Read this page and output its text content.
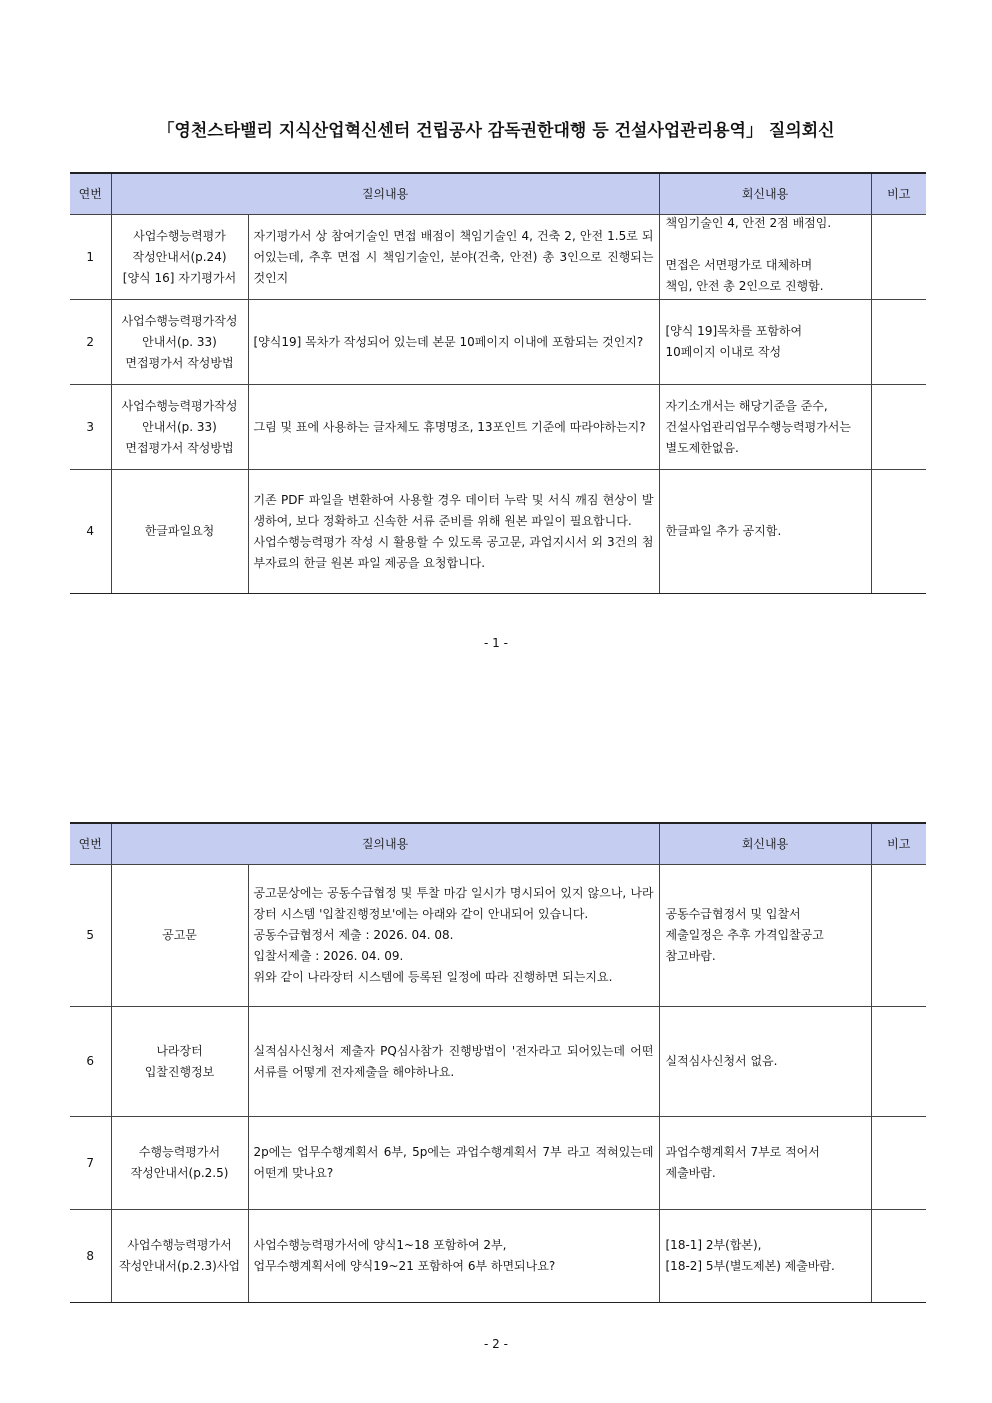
「영천스타밸리 지식산업혁신센터 건립공사 감독권한대행 등 건설사업관리용역」 질의회신
연번	질의내용		회신내용	비고
1	사업수행능력평가
작성안내서(p.24)
[양식 16] 자기평가서	자기평가서 상 참여기술인 면접 배점이 책임기술인 4, 건축 2, 안전 1.5로 되어있는데, 추후 면접 시 책임기술인, 분야(건축, 안전) 총 3인으로 진행되는 것인지	책임기술인 4, 안전 2점 배점임.

면접은 서면평가로 대체하며
책임, 안전 총 2인으로 진행함.	

2	사업수행능력평가작성
안내서(p. 33)
면접평가서 작성방법	[양식19] 목차가 작성되어 있는데 본문 10페이지 이내에 포함되는 것인지?	[양식 19]목차를 포함하여
10페이지 이내로 작성	
3	사업수행능력평가작성
안내서(p. 33)
면접평가서 작성방법	그림 및 표에 사용하는 글자체도 휴명명조, 13포인트 기준에 따라야하는지?	자기소개서는 해당기준을 준수,
건설사업관리업무수행능력평가서는
별도제한없음.	
4	한글파일요청	기존 PDF 파일을 변환하여 사용할 경우 데이터 누락 및 서식 깨짐 현상이 발생하여, 보다 정확하고 신속한 서류 준비를 위해 원본 파일이 필요합니다.
사업수행능력평가 작성 시 활용할 수 있도록 공고문, 과업지시서 외 3건의 첨부자료의 한글 원본 파일 제공을 요청합니다.	한글파일 추가 공지함.	
- 1 -
연번	질의내용		회신내용	비고
5	공고문	공고문상에는 공동수급협정 및 투찰 마감 일시가 명시되어 있지 않으나, 나라장터 시스템 '입찰진행정보'에는 아래와 같이 안내되어 있습니다.
공동수급협정서 제출 : 2026. 04. 08.
입찰서제출 : 2026. 04. 09.
위와 같이 나라장터 시스템에 등록된 일정에 따라 진행하면 되는지요.	공동수급협정서 및 입찰서
제출일정은 추후 가격입찰공고
참고바람.	
6	나라장터
입찰진행정보	실적심사신청서 제출자 PQ심사참가 진행방법이 '전자라고 되어있는데 어떤 서류를 어떻게 전자제출을 해야하나요.	실적심사신청서 없음.	
7	수행능력평가서
작성안내서(p.2.5)	2p에는 업무수행계획서 6부, 5p에는 과업수행계획서 7부 라고 적혀있는데 어떤게 맞나요?	과업수행계획서 7부로 적어서
제출바람.	
8	사업수행능력평가서
작성안내서(p.2.3)사업	사업수행능력평가서에 양식1~18 포함하여 2부,
업무수행계획서에 양식19~21 포함하여 6부 하면되나요?	[18-1] 2부(합본),
[18-2] 5부(별도제본) 제출바람.	
- 2 -
